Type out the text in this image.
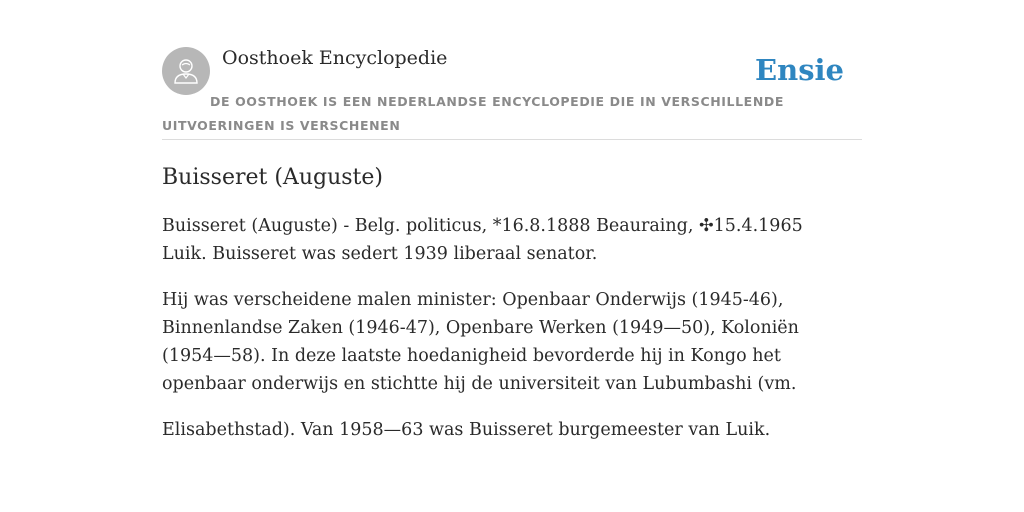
Oosthoek Encyclopedie	Ensie

DE OOSTHOEK IS EEN NEDERLANDSE ENCYCLOPEDIE DIE IN VERSCHILLENDE UITVOERINGEN IS VERSCHENEN

Buisseret (Auguste)

Buisseret (Auguste) - Belg. politicus, *16.8.1888 Beauraing, ✣15.4.1965 Luik. Buisseret was sedert 1939 liberaal senator.

Hij was verscheidene malen minister: Openbaar Onderwijs (1945-46), Binnenlandse Zaken (1946-47), Openbare Werken (1949—50), Koloniën (1954—58). In deze laatste hoedanigheid bevorderde hij in Kongo het openbaar onderwijs en stichtte hij de universiteit van Lubumbashi (vm.

Elisabethstad). Van 1958—63 was Buisseret burgemeester van Luik.
